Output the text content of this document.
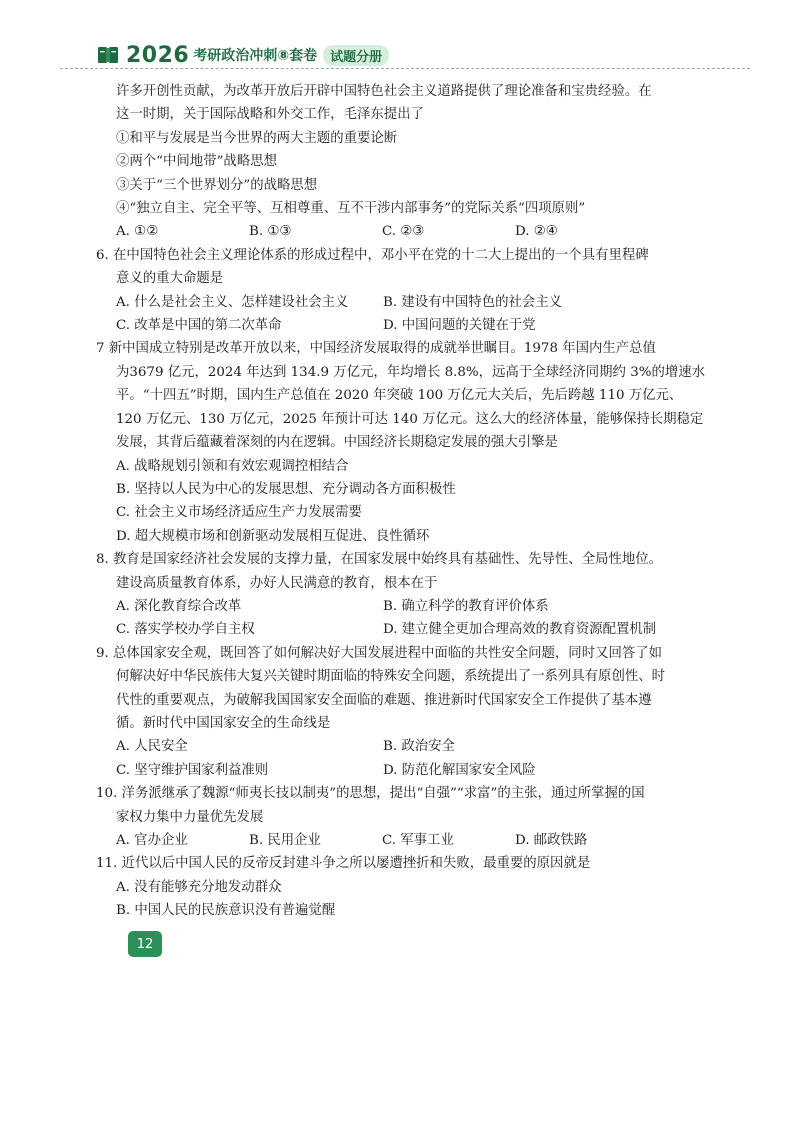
2026 考研政治冲刺⑧套卷	试题分册
许多开创性贡献，为改革开放后开辟中国特色社会主义道路提供了理论准备和宝贵经验。在
这一时期，关于国际战略和外交工作，毛泽东提出了
①和平与发展是当今世界的两大主题的重要论断
②两个“中间地带”战略思想
③关于“三个世界划分”的战略思想
④“独立自主、完全平等、互相尊重、互不干涉内部事务”的党际关系“四项原则”
A. ①②	B. ①③	C. ②③	D. ②④
6. 在中国特色社会主义理论体系的形成过程中，邓小平在党的十二大上提出的一个具有里程碑
意义的重大命题是
A. 什么是社会主义、怎样建设社会主义	B. 建设有中国特色的社会主义
C. 改革是中国的第二次革命	D. 中国问题的关键在于党
7 新中国成立特别是改革开放以来，中国经济发展取得的成就举世瞩目。1978 年国内生产总值
为3679 亿元，2024 年达到 134.9 万亿元，年均增长 8.8%，远高于全球经济同期约 3%的增速水
平。“十四五”时期，国内生产总值在 2020 年突破 100 万亿元大关后，先后跨越 110 万亿元、
120 万亿元、130 万亿元，2025 年预计可达 140 万亿元。这么大的经济体量，能够保持长期稳定
发展，其背后蕴藏着深刻的内在逻辑。中国经济长期稳定发展的强大引擎是
A. 战略规划引领和有效宏观调控相结合
B. 坚持以人民为中心的发展思想、充分调动各方面积极性
C. 社会主义市场经济适应生产力发展需要
D. 超大规模市场和创新驱动发展相互促进、良性循环
8. 教育是国家经济社会发展的支撑力量，在国家发展中始终具有基础性、先导性、全局性地位。
建设高质量教育体系，办好人民满意的教育，根本在于
A. 深化教育综合改革	B. 确立科学的教育评价体系
C. 落实学校办学自主权	D. 建立健全更加合理高效的教育资源配置机制
9. 总体国家安全观，既回答了如何解决好大国发展进程中面临的共性安全问题，同时又回答了如
何解决好中华民族伟大复兴关键时期面临的特殊安全问题，系统提出了一系列具有原创性、时
代性的重要观点，为破解我国国家安全面临的难题、推进新时代国家安全工作提供了基本遵
循。新时代中国国家安全的生命线是
A. 人民安全	B. 政治安全
C. 坚守维护国家利益准则	D. 防范化解国家安全风险
10. 洋务派继承了魏源“师夷长技以制夷”的思想，提出“自强”“求富”的主张，通过所掌握的国
家权力集中力量优先发展
A. 官办企业	B. 民用企业	C. 军事工业	D. 邮政铁路
11. 近代以后中国人民的反帝反封建斗争之所以屡遭挫折和失败，最重要的原因就是
A. 没有能够充分地发动群众
B. 中国人民的民族意识没有普遍觉醒
12
